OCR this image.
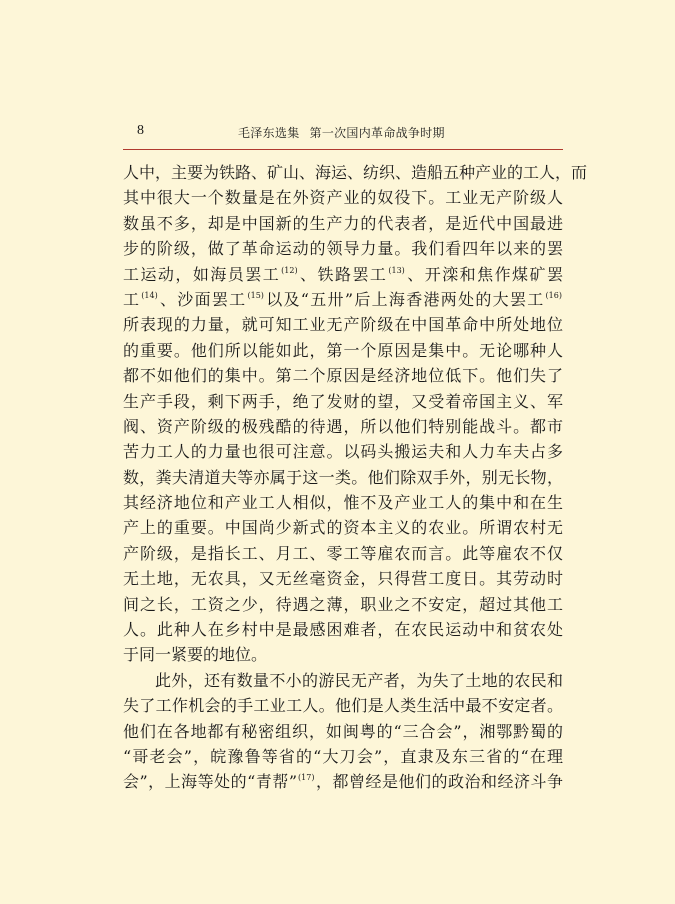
8	毛泽东选集 第一次国内革命战争时期
人中，主要为铁路、矿山、海运、纺织、造船五种产业的工人，而
其中很大一个数量是在外资产业的奴役下。工业无产阶级人
数虽不多，却是中国新的生产力的代表者，是近代中国最进
步的阶级，做了革命运动的领导力量。我们看四年以来的罢
工运动，如海员罢工$^{(12)}$、铁路罢工$^{(13)}$、开滦和焦作煤矿罢
工$^{(14)}$、沙面罢工$^{(15)}$以及“五卅”后上海香港两处的大罢工$^{(16)}$
所表现的力量，就可知工业无产阶级在中国革命中所处地位
的重要。他们所以能如此，第一个原因是集中。无论哪种人
都不如他们的集中。第二个原因是经济地位低下。他们失了
生产手段，剩下两手，绝了发财的望，又受着帝国主义、军
阀、资产阶级的极残酷的待遇，所以他们特别能战斗。都市
苦力工人的力量也很可注意。以码头搬运夫和人力车夫占多
数，粪夫清道夫等亦属于这一类。他们除双手外，别无长物，
其经济地位和产业工人相似，惟不及产业工人的集中和在生
产上的重要。中国尚少新式的资本主义的农业。所谓农村无
产阶级，是指长工、月工、零工等雇农而言。此等雇农不仅
无土地，无农具，又无丝毫资金，只得营工度日。其劳动时
间之长，工资之少，待遇之薄，职业之不安定，超过其他工
人。此种人在乡村中是最感困难者，在农民运动中和贫农处
于同一紧要的地位。
此外，还有数量不小的游民无产者，为失了土地的农民和
失了工作机会的手工业工人。他们是人类生活中最不安定者。
他们在各地都有秘密组织，如闽粤的“三合会”，湘鄂黔蜀的
“哥老会”，皖豫鲁等省的“大刀会”，直隶及东三省的“在理
会”，上海等处的“青帮”$^{(17)}$，都曾经是他们的政治和经济斗争
